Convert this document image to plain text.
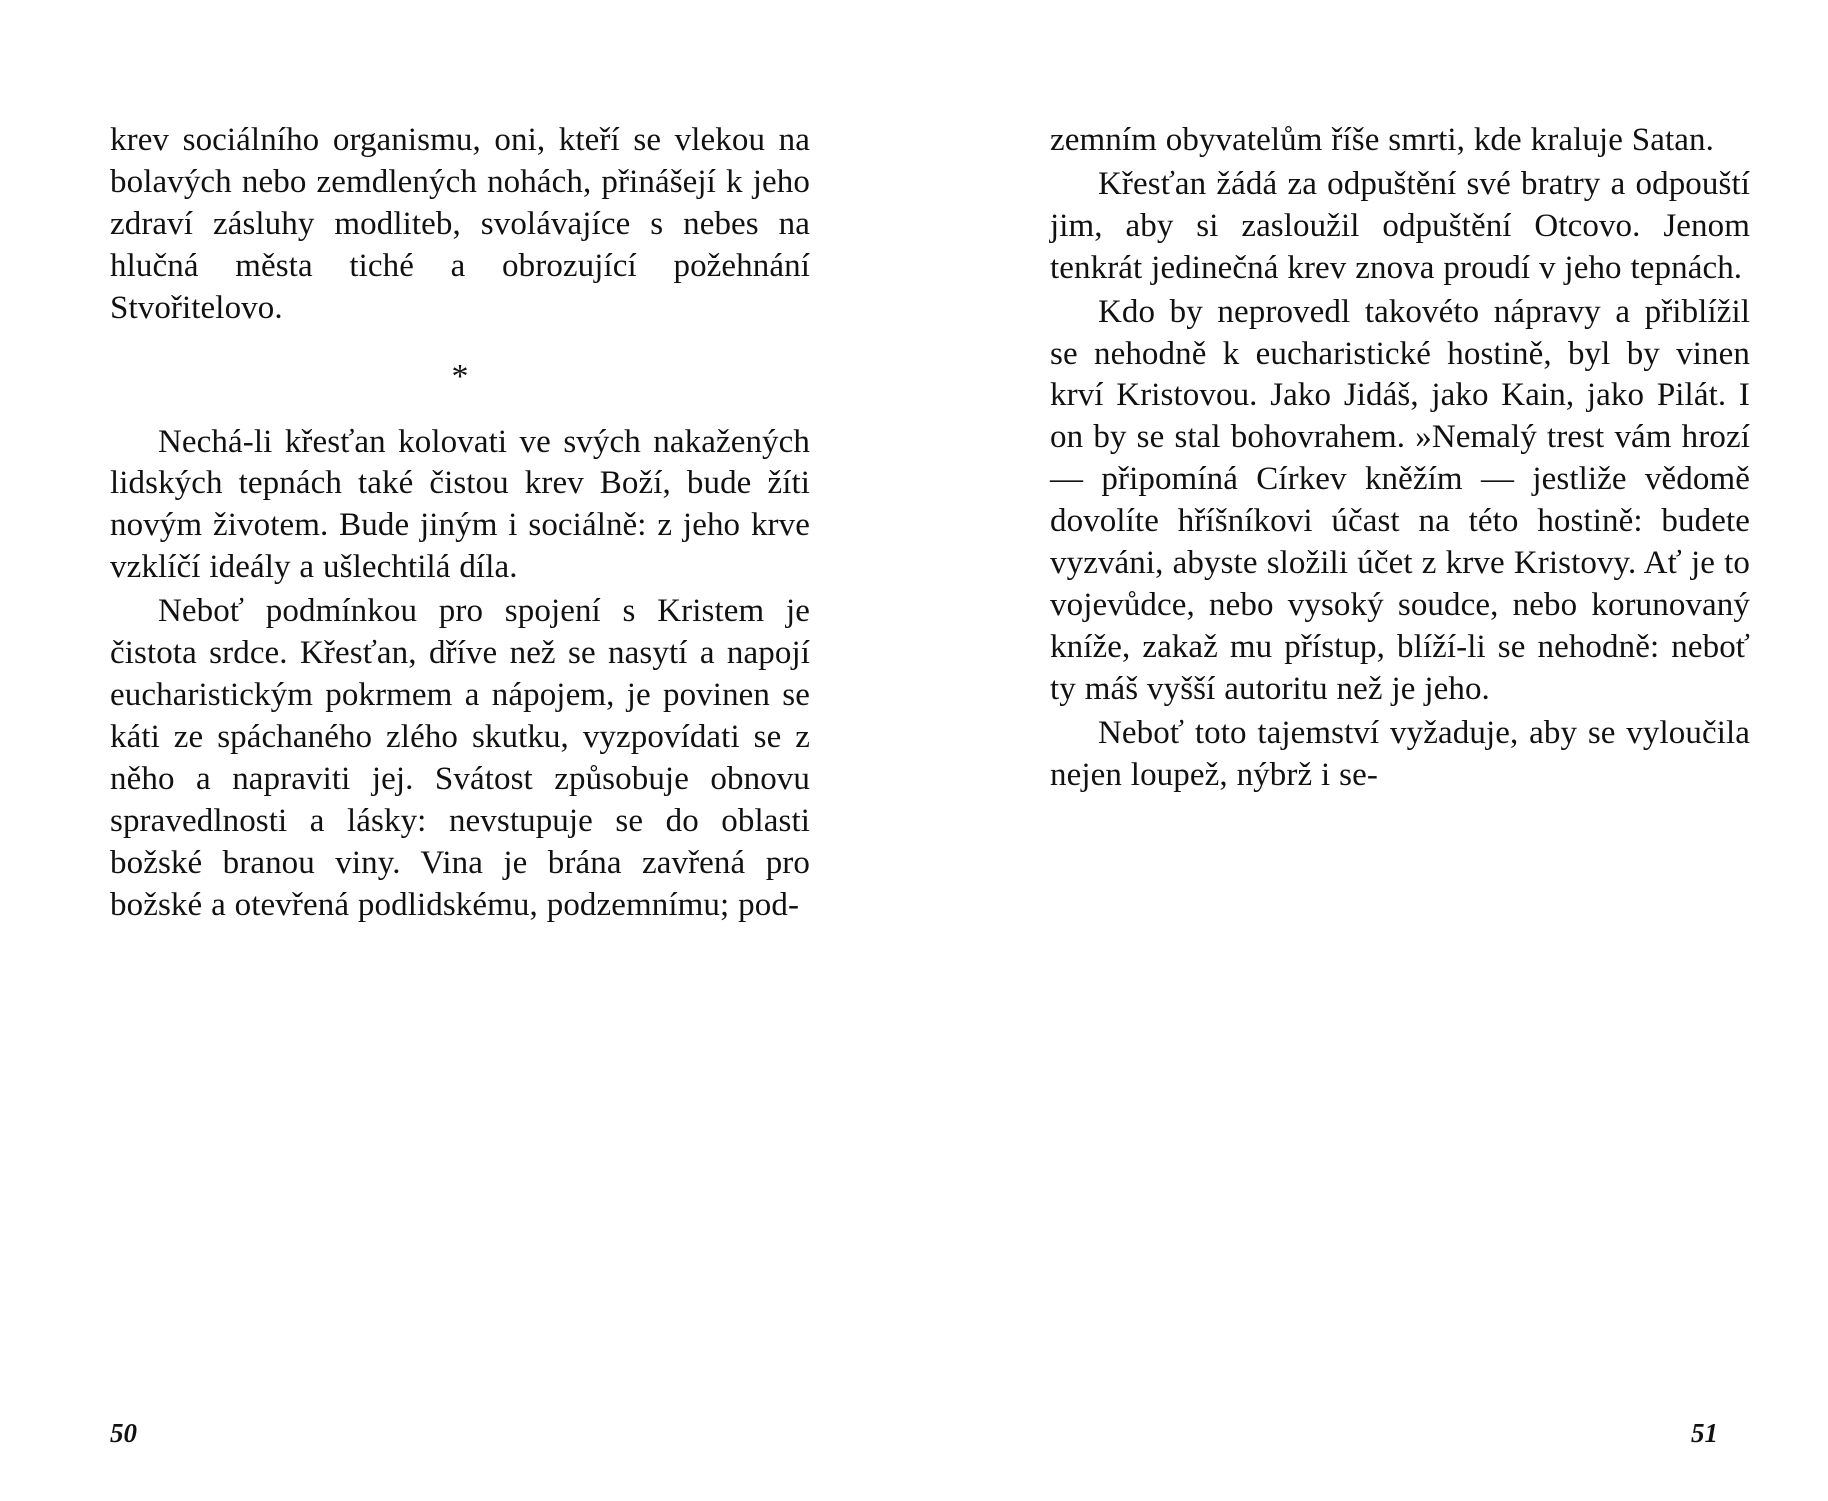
krev sociálního organismu, oni, kteří se vlekou na bolavých nebo zemdlených nohách, přinášejí k jeho zdraví zásluhy modliteb, svolávajíce s nebes na hlučná města tiché a obrozující požehnání Stvořitelovo.

*

Nechá-li křesťan kolovati ve svých nakažených lidských tepnách také čistou krev Boží, bude žíti novým životem. Bude jiným i sociálně: z jeho krve vzklíčí ideály a ušlechtilá díla.

Neboť podmínkou pro spojení s Kristem je čistota srdce. Křesťan, dříve než se nasytí a napojí eucharistickým pokrmem a nápojem, je povinen se káti ze spáchaného zlého skutku, vyzpovídati se z něho a napraviti jej. Svátost způsobuje obnovu spravedlnosti a lásky: nevstupuje se do oblasti božské branou viny. Vina je brána zavřená pro božské a otevřená podlidskému, podzemnímu; pod-

zemním obyvatelům říše smrti, kde kraluje Satan.

Křesťan žádá za odpuštění své bratry a odpouští jim, aby si zasloužil odpuštění Otcovo. Jenom tenkrát jedinečná krev znova proudí v jeho tepnách.

Kdo by neprovedl takovéto nápravy a přiblížil se nehodně k eucharistické hostině, byl by vinen krví Kristovou. Jako Jidáš, jako Kain, jako Pilát. I on by se stal bohovrahem. »Nemalý trest vám hrozí — připomíná Církev kněžím — jestliže vědomě dovolíte hříšníkovi účast na této hostině: budete vyzváni, abyste složili účet z krve Kristovy. Ať je to vojevůdce, nebo vysoký soudce, nebo korunovaný kníže, zakaž mu přístup, blíží-li se nehodně: neboť ty máš vyšší autoritu než je jeho.

Neboť toto tajemství vyžaduje, aby se vyloučila nejen loupež, nýbrž i se-

50	51
